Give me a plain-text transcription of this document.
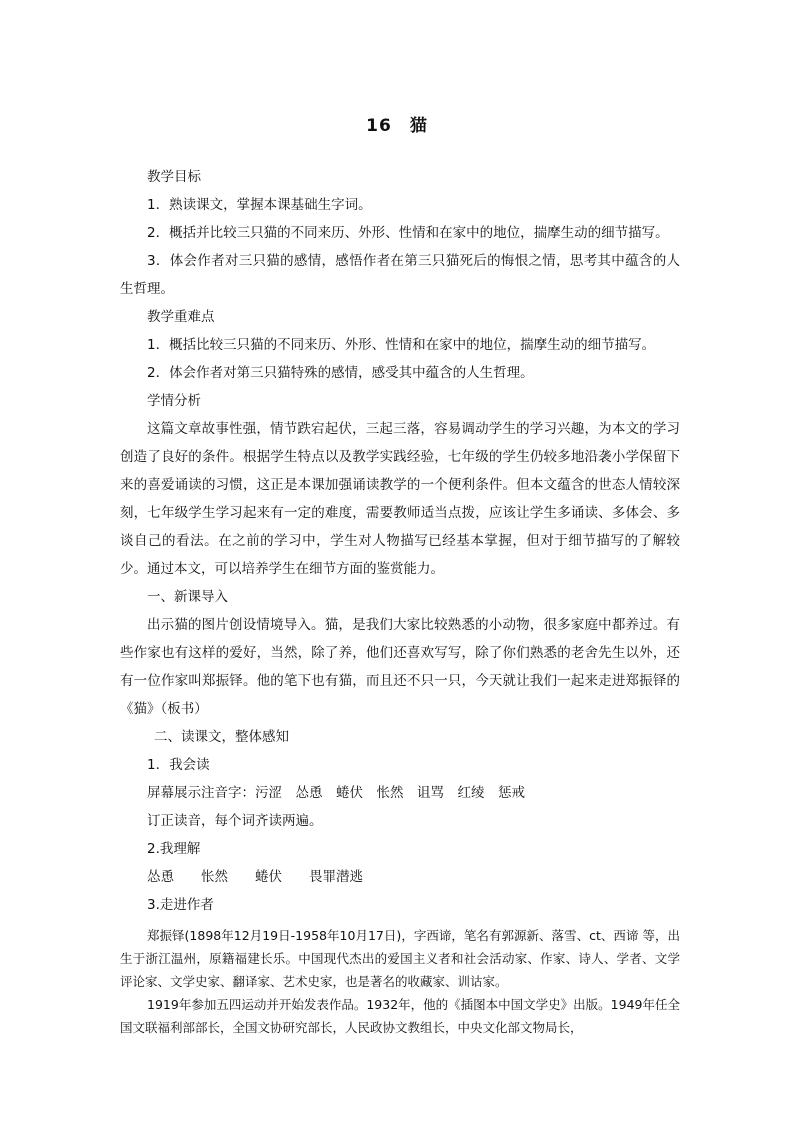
16　猫

教学目标

1．熟读课文，掌握本课基础生字词。

2．概括并比较三只猫的不同来历、外形、性情和在家中的地位，揣摩生动的细节描写。

3．体会作者对三只猫的感情，感悟作者在第三只猫死后的悔恨之情，思考其中蕴含的人生哲理。

教学重难点

1．概括比较三只猫的不同来历、外形、性情和在家中的地位，揣摩生动的细节描写。

2．体会作者对第三只猫特殊的感情，感受其中蕴含的人生哲理。

学情分析

这篇文章故事性强，情节跌宕起伏，三起三落，容易调动学生的学习兴趣，为本文的学习创造了良好的条件。根据学生特点以及教学实践经验，七年级的学生仍较多地沿袭小学保留下来的喜爱诵读的习惯，这正是本课加强诵读教学的一个便利条件。但本文蕴含的世态人情较深刻，七年级学生学习起来有一定的难度，需要教师适当点拨，应该让学生多诵读、多体会、多谈自己的看法。在之前的学习中，学生对人物描写已经基本掌握，但对于细节描写的了解较少。通过本文，可以培养学生在细节方面的鉴赏能力。

一、新课导入

出示猫的图片创设情境导入。猫，是我们大家比较熟悉的小动物，很多家庭中都养过。有些作家也有这样的爱好，当然，除了养，他们还喜欢写写，除了你们熟悉的老舍先生以外，还有一位作家叫郑振铎。他的笔下也有猫，而且还不只一只，今天就让我们一起来走进郑振铎的《猫》（板书）

二、读课文，整体感知

1．我会读

屏幕展示注音字：污涩　怂恿　蜷伏　怅然　诅骂　红绫　惩戒

订正读音，每个词齐读两遍。

2.我理解

怂恿　　怅然　　蜷伏　　畏罪潜逃

3.走进作者

郑振铎(1898年12月19日-1958年10月17日)，字西谛，笔名有郭源新、落雪、ct、西谛 等，出生于浙江温州，原籍福建长乐。中国现代杰出的爱国主义者和社会活动家、作家、诗人、学者、文学评论家、文学史家、翻译家、艺术史家，也是著名的收藏家、训诂家。

1919年参加五四运动并开始发表作品。1932年，他的《插图本中国文学史》出版。1949年任全国文联福利部部长，全国文协研究部长，人民政协文教组长，中央文化部文物局长，
